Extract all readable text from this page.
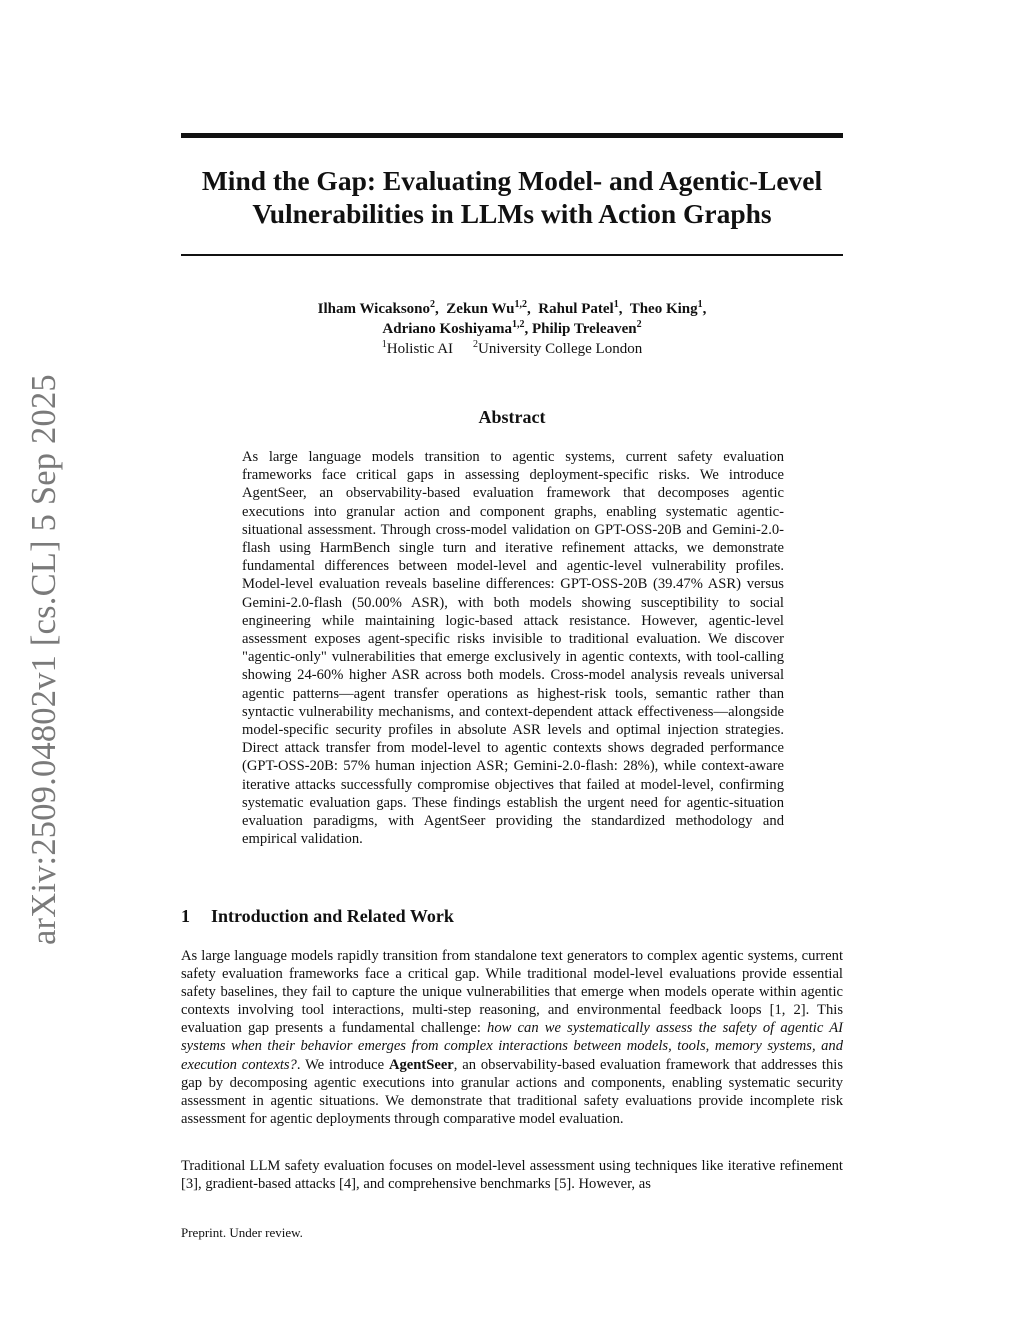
arXiv:2509.04802v1 [cs.CL] 5 Sep 2025
Mind the Gap: Evaluating Model- and Agentic-Level
Vulnerabilities in LLMs with Action Graphs
Ilham Wicaksono$^2$,  Zekun Wu$^{1,2}$,  Rahul Patel$^1$,  Theo King$^1$,
Adriano Koshiyama$^{1,2}$, Philip Treleaven$^2$
$^1$Holistic AI $^2$University College London
Abstract

As large language models transition to agentic systems, current safety evaluation frameworks face critical gaps in assessing deployment-specific risks. We introduce AgentSeer, an observability-based evaluation framework that decomposes agentic executions into granular action and component graphs, enabling systematic agentic-situational assessment. Through cross-model validation on GPT-OSS-20B and Gemini-2.0-flash using HarmBench single turn and iterative refinement attacks, we demonstrate fundamental differences between model-level and agentic-level vulnerability profiles. Model-level evaluation reveals baseline differences: GPT-OSS-20B (39.47% ASR) versus Gemini-2.0-flash (50.00% ASR), with both models showing susceptibility to social engineering while maintaining logic-based attack resistance. However, agentic-level assessment exposes agent-specific risks invisible to traditional evaluation. We discover "agentic-only" vulnerabilities that emerge exclusively in agentic contexts, with tool-calling showing 24-60% higher ASR across both models. Cross-model analysis reveals universal agentic patterns—agent transfer operations as highest-risk tools, semantic rather than syntactic vulnerability mechanisms, and context-dependent attack effectiveness—alongside model-specific security profiles in absolute ASR levels and optimal injection strategies. Direct attack transfer from model-level to agentic contexts shows degraded performance (GPT-OSS-20B: 57% human injection ASR; Gemini-2.0-flash: 28%), while context-aware iterative attacks successfully compromise objectives that failed at model-level, confirming systematic evaluation gaps. These findings establish the urgent need for agentic-situation evaluation paradigms, with AgentSeer providing the standardized methodology and empirical validation.

1 Introduction and Related Work

As large language models rapidly transition from standalone text generators to complex agentic systems, current safety evaluation frameworks face a critical gap. While traditional model-level evaluations provide essential safety baselines, they fail to capture the unique vulnerabilities that emerge when models operate within agentic contexts involving tool interactions, multi-step reasoning, and environmental feedback loops [1, 2]. This evaluation gap presents a fundamental challenge: how can we systematically assess the safety of agentic AI systems when their behavior emerges from complex interactions between models, tools, memory systems, and execution contexts?. We introduce AgentSeer, an observability-based evaluation framework that addresses this gap by decomposing agentic executions into granular actions and components, enabling systematic security assessment in agentic situations. We demonstrate that traditional safety evaluations provide incomplete risk assessment for agentic deployments through comparative model evaluation.

Traditional LLM safety evaluation focuses on model-level assessment using techniques like iterative refinement [3], gradient-based attacks [4], and comprehensive benchmarks [5]. However, as

Preprint. Under review.
